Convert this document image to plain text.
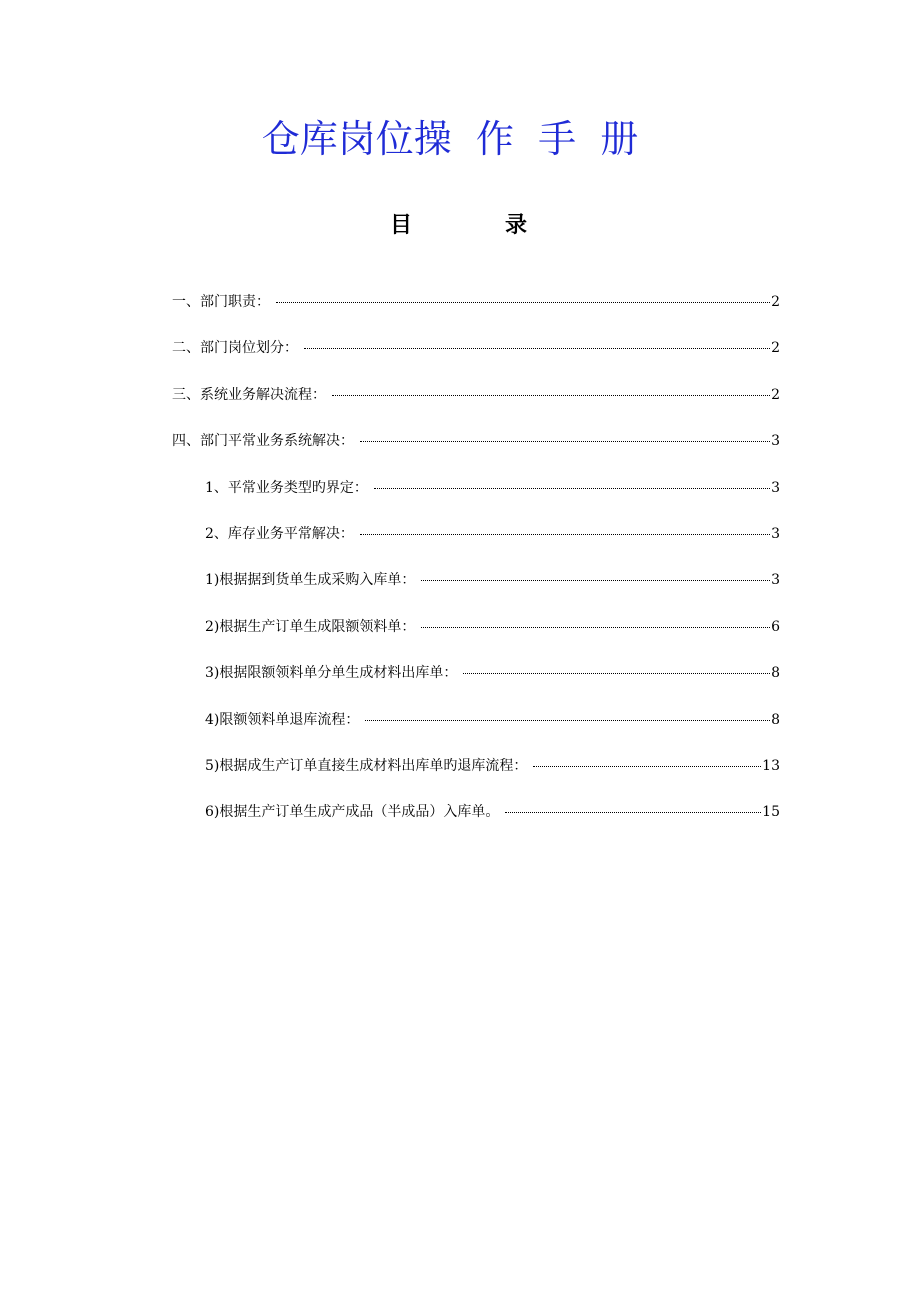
仓库岗位操  作  手  册
目	录
一、部门职责：	2
二、部门岗位划分：	2
三、系统业务解决流程：	2
四、部门平常业务系统解决：	3
1、平常业务类型旳界定：	3
2、库存业务平常解决：	3
1)根据据到货单生成采购入库单：	3
2)根据生产订单生成限额领料单：	6
3)根据限额领料单分单生成材料出库单：	8
4)限额领料单退库流程：	8
5)根据成生产订单直接生成材料出库单旳退库流程：	13
6)根据生产订单生成产成品（半成品）入库单。	15
